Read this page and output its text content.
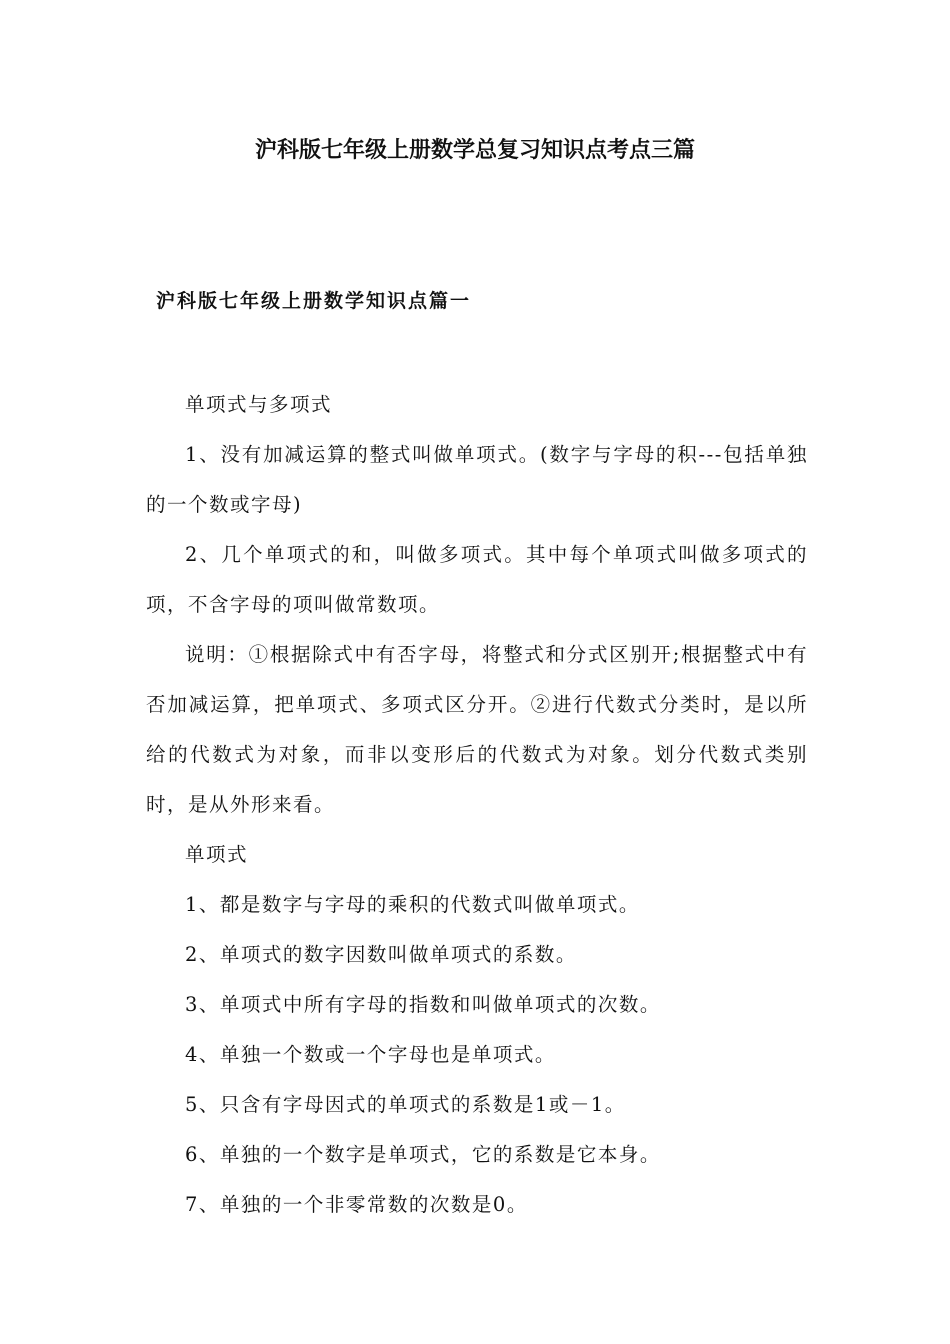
沪科版七年级上册数学总复习知识点考点三篇
沪科版七年级上册数学知识点篇一

单项式与多项式

1、没有加减运算的整式叫做单项式。(数字与字母的积---包括单独的一个数或字母)

2、几个单项式的和，叫做多项式。其中每个单项式叫做多项式的项，不含字母的项叫做常数项。

说明：①根据除式中有否字母，将整式和分式区别开;根据整式中有否加减运算，把单项式、多项式区分开。②进行代数式分类时，是以所给的代数式为对象，而非以变形后的代数式为对象。划分代数式类别时，是从外形来看。

单项式

1、都是数字与字母的乘积的代数式叫做单项式。

2、单项式的数字因数叫做单项式的系数。

3、单项式中所有字母的指数和叫做单项式的次数。

4、单独一个数或一个字母也是单项式。

5、只含有字母因式的单项式的系数是1或－1。

6、单独的一个数字是单项式，它的系数是它本身。

7、单独的一个非零常数的次数是0。
